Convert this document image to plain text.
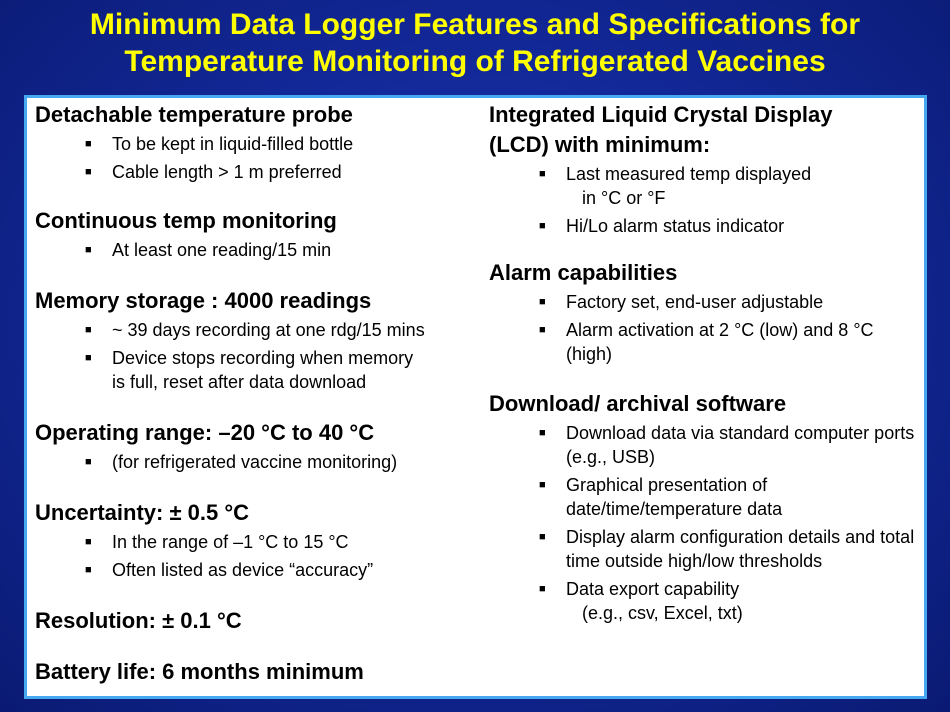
Minimum Data Logger Features and Specifications for
Temperature Monitoring of Refrigerated Vaccines

Detachable temperature probe

■ To be kept in liquid-filled bottle
■ Cable length > 1 m preferred

Continuous temp monitoring

■ At least one reading/15 min

Memory storage : 4000 readings

■ ~ 39 days recording at one rdg/15 mins
■ Device stops recording when memory is full, reset after data download

Operating range: –20 °C to 40 °C

■ (for refrigerated vaccine monitoring)

Uncertainty: ± 0.5 °C

■ In the range of –1 °C to 15 °C
■ Often listed as device “accuracy”

Resolution: ± 0.1 °C

Battery life: 6 months minimum

Integrated Liquid Crystal Display (LCD) with minimum:

■ Last measured temp displayed
in °C or °F
■ Hi/Lo alarm status indicator

Alarm capabilities

■ Factory set, end-user adjustable
■ Alarm activation at 2 °C (low) and 8 °C (high)

Download/ archival software

■ Download data via standard computer ports (e.g., USB)
■ Graphical presentation of date/time/temperature data
■ Display alarm configuration details and total time outside high/low thresholds
■ Data export capability
(e.g., csv, Excel, txt)
